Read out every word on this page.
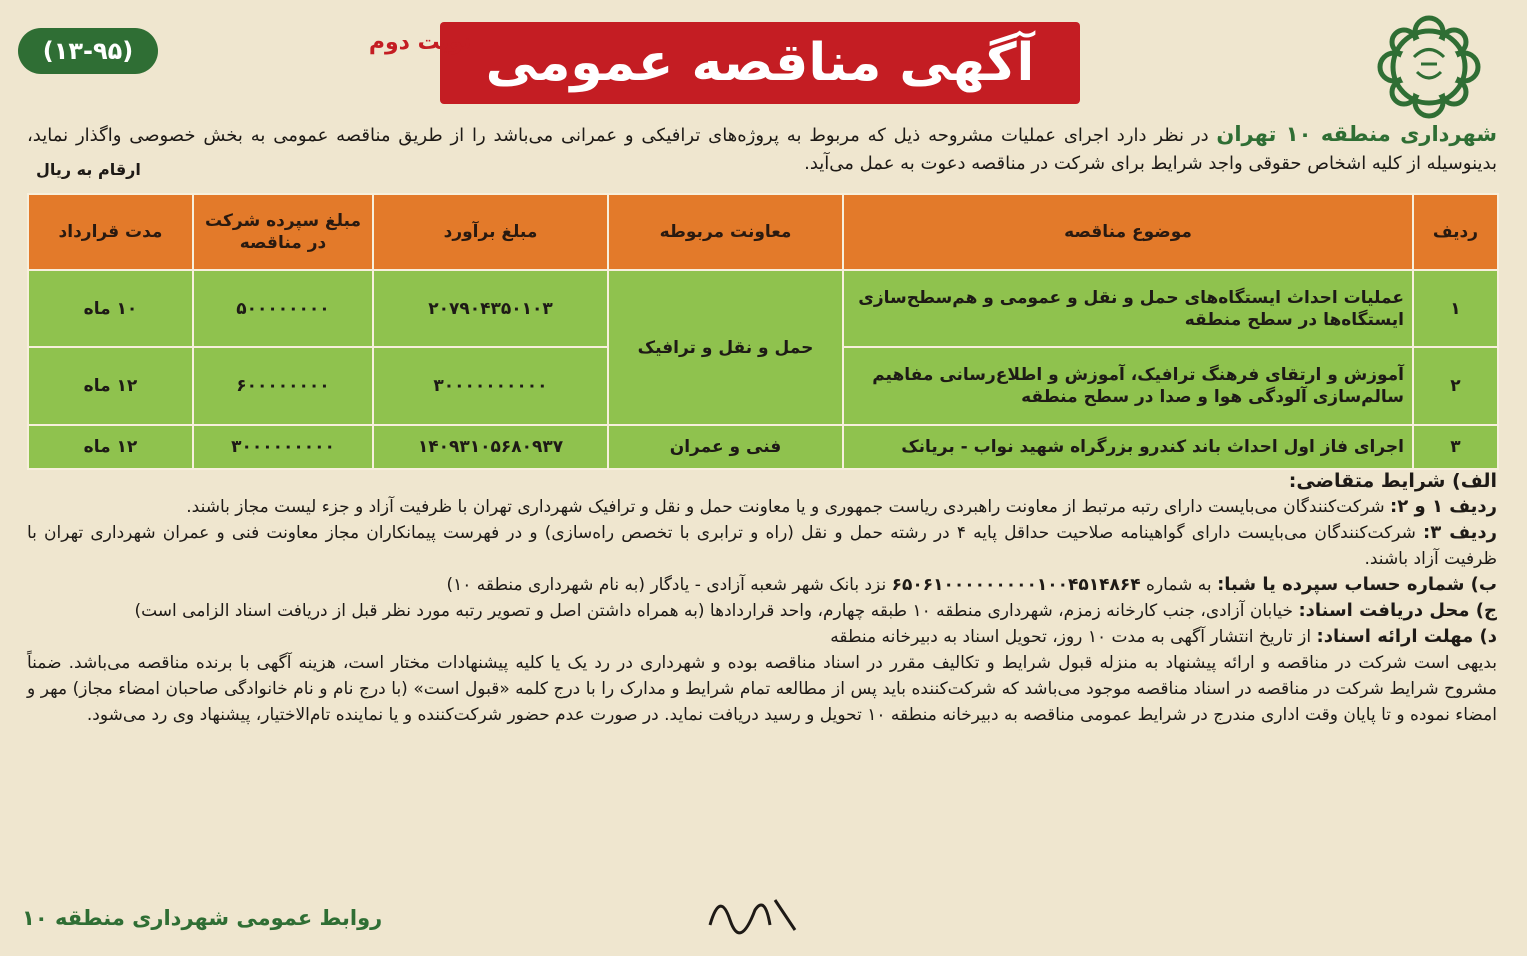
آگهی مناقصه عمومی
نوبت دوم
(۱۳-۹۵)
شهرداری منطقه ۱۰ تهران در نظر دارد اجرای عملیات مشروحه ذیل که مربوط به پروژه‌های ترافیکی و عمرانی می‌باشد را از طریق مناقصه عمومی به بخش خصوصی واگذار نماید، بدینوسیله از کلیه اشخاص حقوقی واجد شرایط برای شرکت در مناقصه دعوت به عمل می‌آید.
ارقام به ریال
ردیف	موضوع مناقصه	معاونت مربوطه	مبلغ برآورد	مبلغ سپرده شرکت در مناقصه	مدت قرارداد
۱	عملیات احداث ایستگاه‌های حمل و نقل و عمومی و هم‌سطح‌سازی ایستگاه‌ها در سطح منطقه	حمل و نقل و ترافیک	۲۰۷۹۰۴۳۵۰۱۰۳	۵۰۰۰۰۰۰۰۰	۱۰ ماه
۲	آموزش و ارتقای فرهنگ ترافیک، آموزش و اطلاع‌رسانی مفاهیم سالم‌سازی آلودگی هوا و صدا در سطح منطقه		۳۰۰۰۰۰۰۰۰۰۰	۶۰۰۰۰۰۰۰۰	۱۲ ماه
۳	اجرای فاز اول احداث باند کندرو بزرگراه شهید نواب - بریانک	فنی و عمران	۱۴۰۹۳۱۰۵۶۸۰۹۳۷	۳۰۰۰۰۰۰۰۰۰	۱۲ ماه

الف) شرایط متقاضی:

ردیف ۱ و ۲: شرکت‌کنندگان می‌بایست دارای رتبه مرتبط از معاونت راهبردی ریاست جمهوری و یا معاونت حمل و نقل و ترافیک شهرداری تهران با ظرفیت آزاد و جزء لیست مجاز باشند.

ردیف ۳: شرکت‌کنندگان می‌بایست دارای گواهینامه صلاحیت حداقل پایه ۴ در رشته حمل و نقل (راه و ترابری با تخصص راه‌سازی) و در فهرست پیمانکاران مجاز معاونت فنی و عمران شهرداری تهران با ظرفیت آزاد باشند.

ب) شماره حساب سپرده یا شبا: به شماره ۶۵۰۶۱۰۰۰۰۰۰۰۰۰۱۰۰۴۵۱۴۸۶۴ نزد بانک شهر شعبه آزادی - یادگار (به نام شهرداری منطقه ۱۰)

ج) محل دریافت اسناد: خیابان آزادی، جنب کارخانه زمزم، شهرداری منطقه ۱۰ طبقه چهارم، واحد قراردادها (به همراه داشتن اصل و تصویر رتبه مورد نظر قبل از دریافت اسناد الزامی است)

د) مهلت ارائه اسناد: از تاریخ انتشار آگهی به مدت ۱۰ روز، تحویل اسناد به دبیرخانه منطقه

بدیهی است شرکت در مناقصه و ارائه پیشنهاد به منزله قبول شرایط و تکالیف مقرر در اسناد مناقصه بوده و شهرداری در رد یک یا کلیه پیشنهادات مختار است، هزینه آگهی با برنده مناقصه می‌باشد. ضمناً مشروح شرایط شرکت در مناقصه در اسناد مناقصه موجود می‌باشد که شرکت‌کننده باید پس از مطالعه تمام شرایط و مدارک را با درج کلمه «قبول است» (با درج نام و نام خانوادگی صاحبان امضاء مجاز) مهر و امضاء نموده و تا پایان وقت اداری مندرج در شرایط عمومی مناقصه به دبیرخانه منطقه ۱۰ تحویل و رسید دریافت نماید. در صورت عدم حضور شرکت‌کننده و یا نماینده تام‌الاختیار، پیشنهاد وی رد می‌شود.

روابط عمومی شهرداری منطقه ۱۰
